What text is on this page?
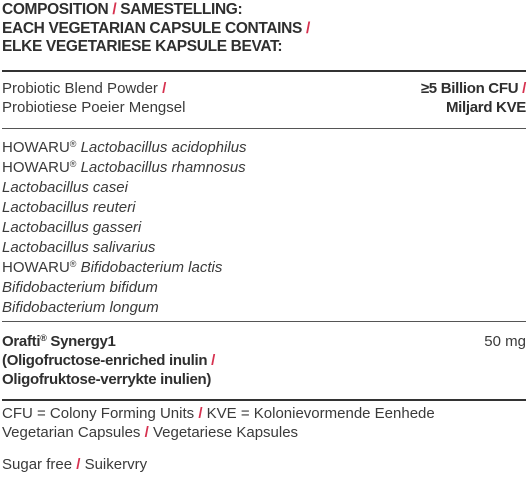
COMPOSITION / SAMESTELLING:
EACH VEGETARIAN CAPSULE CONTAINS /
ELKE VEGETARIESE KAPSULE BEVAT:
Probiotic Blend Powder /
Probiotiese Poeier Mengsel
≥5 Billion CFU /
Miljard KVE
HOWARU® Lactobacillus acidophilus
HOWARU® Lactobacillus rhamnosus
Lactobacillus casei
Lactobacillus reuteri
Lactobacillus gasseri
Lactobacillus salivarius
HOWARU® Bifidobacterium lactis
Bifidobacterium bifidum
Bifidobacterium longum
Orafti® Synergy1
(Oligofructose-enriched inulin /
Oligofruktose-verrykte inulien)
50 mg
CFU = Colony Forming Units / KVE = Kolonievormende Eenhede
Vegetarian Capsules / Vegetariese Kapsules
Sugar free / Suikervry
